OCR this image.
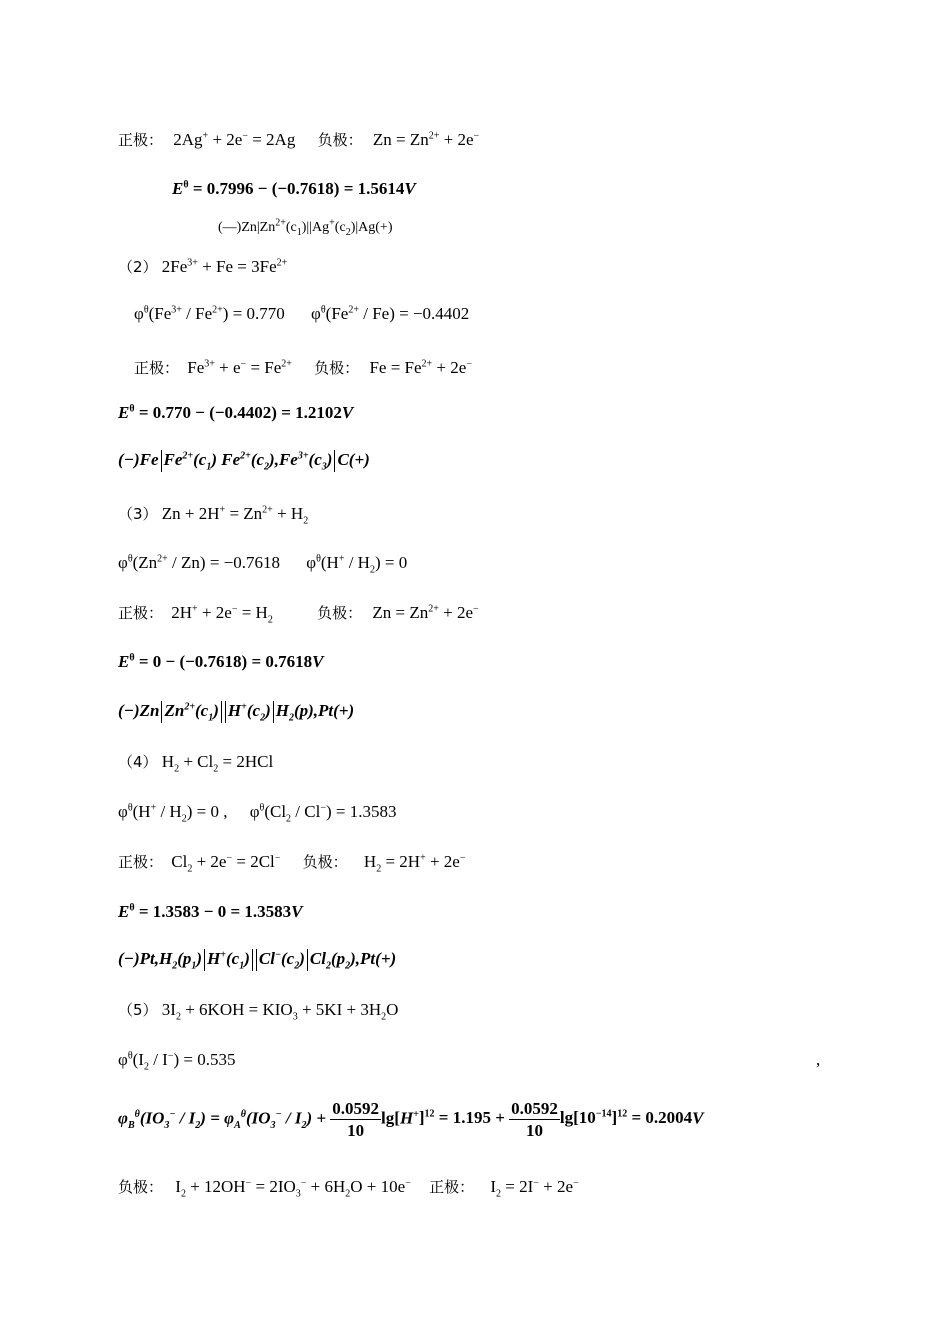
正极： 2Ag+ + 2e− = 2Ag 负极： $Zn = Zn^{2+} + 2e^-$
$E^\theta = 0.7996 - (-0.7618) = 1.5614V$
$(—)Zn|Zn^{2+}(c_1)||Ag^+(c_2)|Ag(+)$
（2） $2Fe^{3+} + Fe = 3Fe^{2+}$
$\varphi^\theta(Fe^{3+} / Fe^{2+}) = 0.770$ $\varphi^\theta(Fe^{2+} / Fe) = -0.4402$
正极： $Fe^{3+} + e^- = Fe^{2+}$ 负极： $Fe = Fe^{2+} + 2e^-$
$E^\theta = 0.770 - (-0.4402) = 1.2102V$
(−)Fe $Fe^{2+}(c_1)$ $Fe^{2+}(c_2),Fe^{3+}(c_3)$ C(+)
（3） $Zn + 2H^+ = Zn^{2+} + H_2$
$\varphi^\theta(Zn^{2+} / Zn) = -0.7618$ $\varphi^\theta(H^+ / H_2) = 0$
正极： $2H^+ + 2e^- = H_2$	负极： $Zn = Zn^{2+} + 2e^-$
$E^\theta = 0 - (-0.7618) = 0.7618V$
(−)Zn $Zn^{2+}(c_1)$ $H^+(c_2)$ $H_2(p),Pt(+)$
（4） $H_2 + Cl_2 = 2HCl$
$\varphi^\theta(H^+ / H_2) = 0$ , $\varphi^\theta(Cl_2 / Cl^-) = 1.3583$
正极： $Cl_2 + 2e^- = 2Cl^-$ 负极： $H_2 = 2H^+ + 2e^-$
$E^\theta = 1.3583 - 0 = 1.3583V$
$(-)Pt,H_2(p_1)$ $H^+(c_1)$ $Cl^-(c_2)$ $Cl_2(p_2),Pt(+)$
（5） $3I_2 + 6KOH = KIO_3 + 5KI + 3H_2O$
$\varphi^\theta(I_2 / I^-) = 0.535$	,
$\varphi_B^\theta(IO_3^- / I_2) = \varphi_A^\theta(IO_3^- / I_2) + \frac{0.0592}{10} \lg[H^+]^{12} = 1.195 + \frac{0.0592}{10} \lg[10^{-14}]^{12} = 0.2004V$
负极： $I_2 + 12OH^- = 2IO_3^- + 6H_2O + 10e^-$ 正极： $I_2 = 2I^- + 2e^-$
